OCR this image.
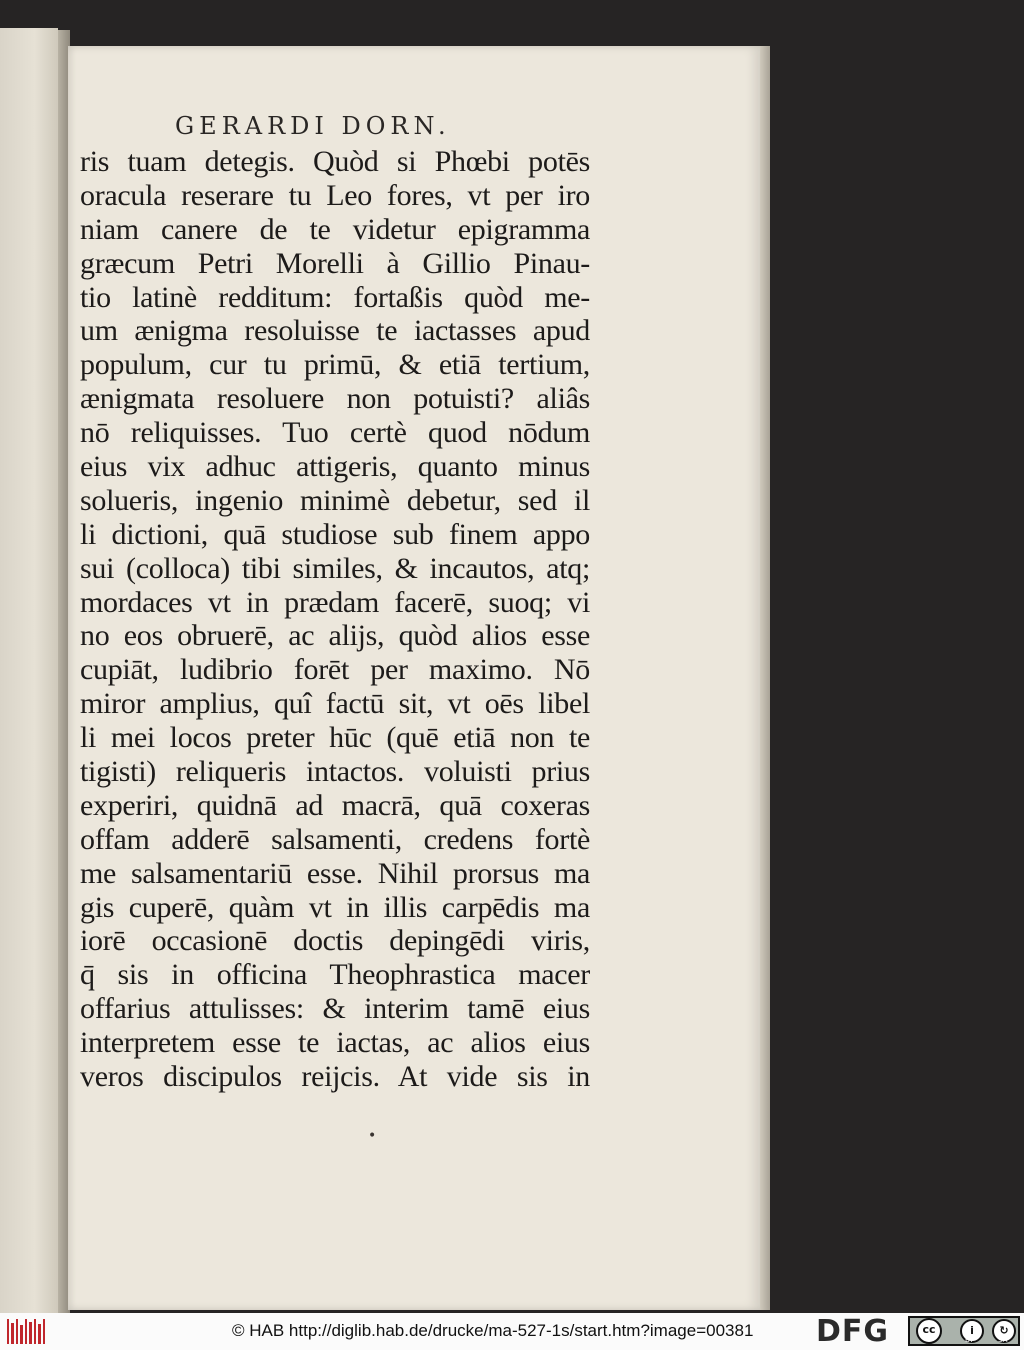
GERARDI DORN.
ris tuam detegis. Quòd si Phœbi potēs
oracula reserare tu Leo fores, vt per iro
niam canere de te videtur epigramma
græcum Petri Morelli à Gillio Pinau-
tio latinè redditum: fortaßis quòd me-
um ænigma resoluisse te iactasses apud
populum, cur tu primū, & etiā tertium,
ænigmata resoluere non potuisti? aliâs
nō reliquisses. Tuo certè quod nōdum
eius vix adhuc attigeris, quanto minus
solueris, ingenio minimè debetur, sed il
li dictioni, quā studiose sub finem appo
sui (colloca) tibi similes, & incautos, atq;
mordaces vt in prædam facerē, suoq; vi
no eos obruerē, ac alijs, quòd alios esse
cupiāt, ludibrio forēt per maximo. Nō
miror amplius, quî factū sit, vt oēs libel
li mei locos preter hūc (quē etiā non te
tigisti) reliqueris intactos. voluisti prius
experiri, quidnā ad macrā, quā coxeras
offam adderē salsamenti, credens fortè
me salsamentariū esse. Nihil prorsus ma
gis cuperē, quàm vt in illis carpēdis ma
iorē occasionē doctis depingēdi viris,
q̄ sis in officina Theophrastica macer
offarius attulisses: & interim tamē eius
interpretem esse te iactas, ac alios eius
veros discipulos reijcis. At vide sis in
•
© HAB http://diglib.hab.de/drucke/ma-527-1s/start.htm?image=00381 DFG	cc	i	↻
BY	SA
